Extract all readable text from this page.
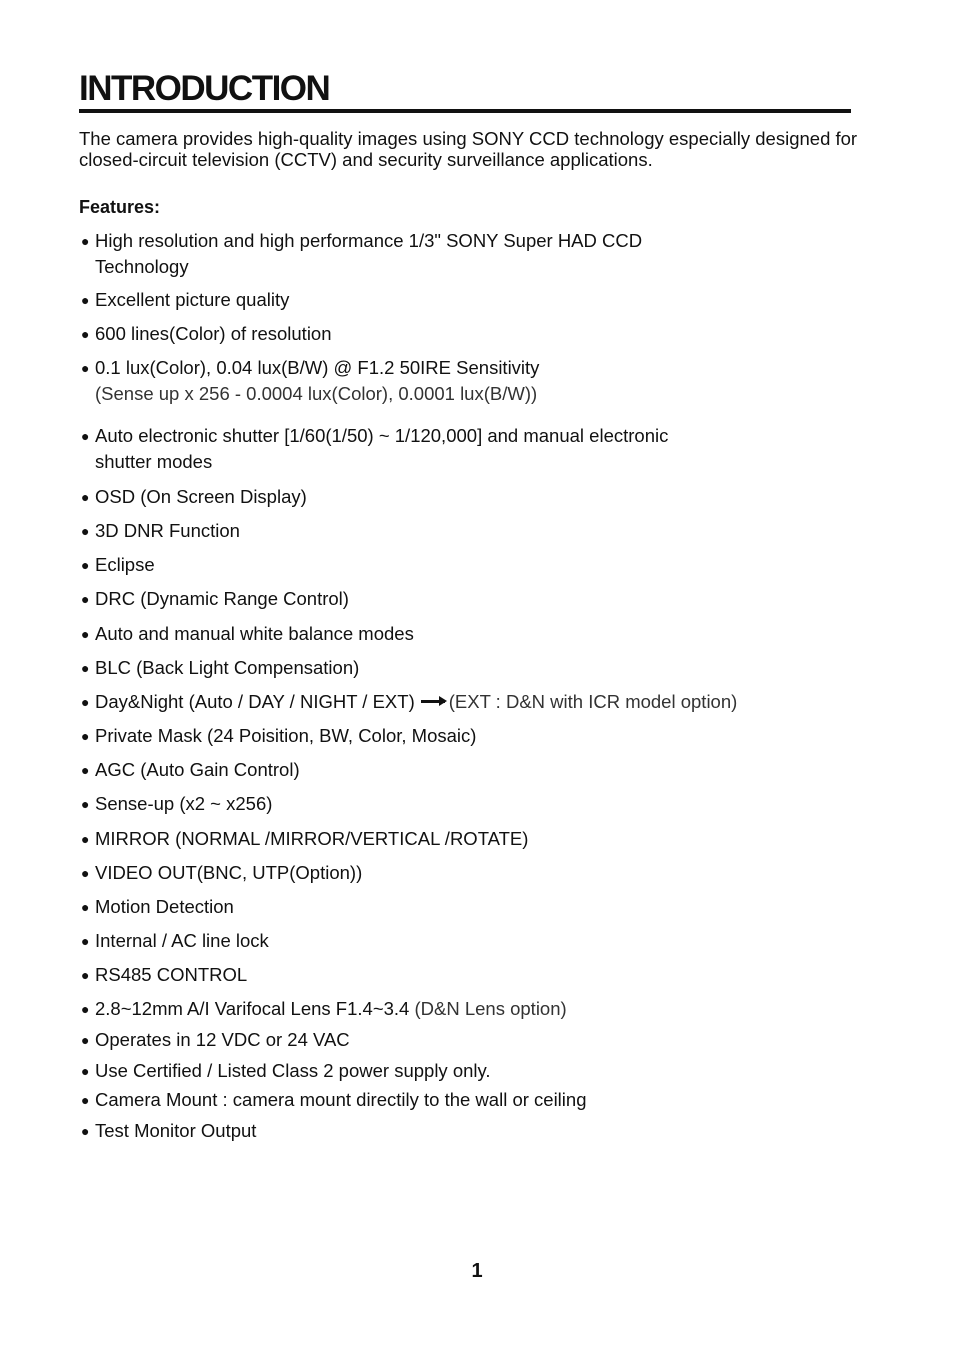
INTRODUCTION

The camera provides high-quality images using SONY CCD technology especially designed for closed-circuit television (CCTV) and security surveillance applications.

Features:

● High resolution and high performance 1/3" SONY Super HAD CCD
Technology
● Excellent picture quality
● 600 lines(Color) of resolution
● 0.1 lux(Color), 0.04 lux(B/W) @ F1.2 50IRE Sensitivity
(Sense up x 256 - 0.0004 lux(Color), 0.0001 lux(B/W))
● Auto electronic shutter [1/60(1/50) ~ 1/120,000] and manual electronic
shutter modes
● OSD (On Screen Display)
● 3D DNR Function
● Eclipse
● DRC (Dynamic Range Control)
● Auto and manual white balance modes
● BLC (Back Light Compensation)
● Day&Night (Auto / DAY / NIGHT / EXT) (EXT : D&N with ICR model option)
● Private Mask (24 Poisition, BW, Color, Mosaic)
● AGC (Auto Gain Control)
● Sense-up (x2 ~ x256)
● MIRROR (NORMAL /MIRROR/VERTICAL /ROTATE)
● VIDEO OUT(BNC, UTP(Option))
● Motion Detection
● Internal / AC line lock
● RS485 CONTROL
● 2.8~12mm A/I Varifocal Lens F1.4~3.4 (D&N Lens option)
● Operates in 12 VDC or 24 VAC
● Use Certified / Listed Class 2 power supply only.
● Camera Mount : camera mount directily to the wall or ceiling
● Test Monitor Output

1
